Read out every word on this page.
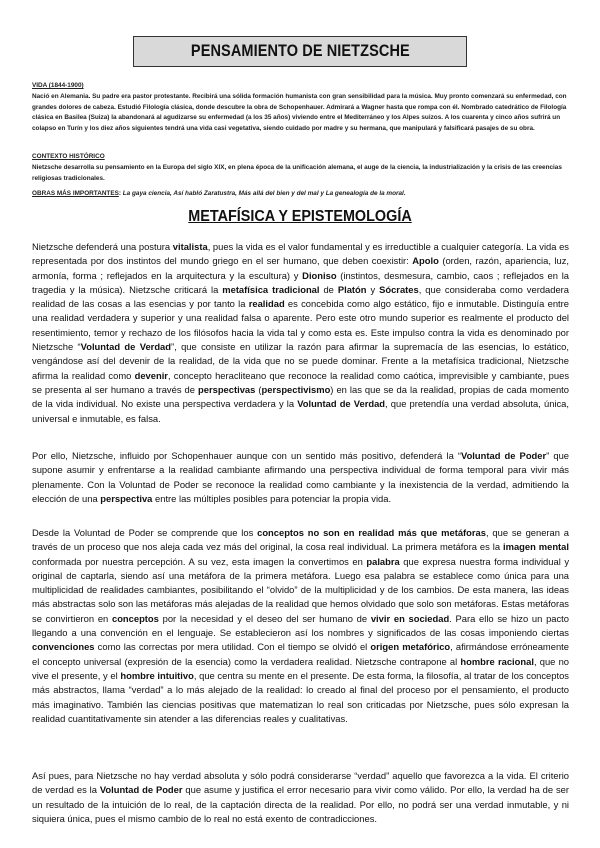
PENSAMIENTO DE NIETZSCHE

VIDA (1844-1900)

Nació en Alemania. Su padre era pastor protestante. Recibirá una sólida formación humanista con gran sensibilidad para la música. Muy pronto comenzará su enfermedad, con grandes dolores de cabeza. Estudió Filología clásica, donde descubre la obra de Schopenhauer. Admirará a Wagner hasta que rompa con él. Nombrado catedrático de Filología clásica en Basilea (Suiza) la abandonará al agudizarse su enfermedad (a los 35 años) viviendo entre el Mediterráneo y los Alpes suizos. A los cuarenta y cinco años sufrirá un colapso en Turín y los diez años siguientes tendrá una vida casi vegetativa, siendo cuidado por madre y su hermana, que manipulará y falsificará pasajes de su obra.

CONTEXTO HISTÓRICO

Nietzsche desarrolla su pensamiento en la Europa del siglo XIX, en plena época de la unificación alemana, el auge de la ciencia, la industrialización y la crisis de las creencias religiosas tradicionales.

OBRAS MÁS IMPORTANTES: La gaya ciencia, Así habló Zaratustra, Más allá del bien y del mal y La genealogía de la moral.

METAFÍSICA Y EPISTEMOLOGÍA

Nietzsche defenderá una postura vitalista, pues la vida es el valor fundamental y es irreductible a cualquier categoría. La vida es representada por dos instintos del mundo griego en el ser humano, que deben coexistir: Apolo (orden, razón, apariencia, luz, armonía, forma ; reflejados en la arquitectura y la escultura) y Dioniso (instintos, desmesura, cambio, caos ; reflejados en la tragedia y la música). Nietzsche criticará la metafísica tradicional de Platón y Sócrates, que consideraba como verdadera realidad de las cosas a las esencias y por tanto la realidad es concebida como algo estático, fijo e inmutable. Distinguía entre una realidad verdadera y superior y una realidad falsa o aparente. Pero este otro mundo superior es realmente el producto del resentimiento, temor y rechazo de los filósofos hacia la vida tal y como esta es. Este impulso contra la vida es denominado por Nietzsche “Voluntad de Verdad”, que consiste en utilizar la razón para afirmar la supremacía de las esencias, lo estático, vengándose así del devenir de la realidad, de la vida que no se puede dominar. Frente a la metafísica tradicional, Nietzsche afirma la realidad como devenir, concepto heracliteano que reconoce la realidad como caótica, imprevisible y cambiante, pues se presenta al ser humano a través de perspectivas (perspectivismo) en las que se da la realidad, propias de cada momento de la vida individual. No existe una perspectiva verdadera y la Voluntad de Verdad, que pretendía una verdad absoluta, única, universal e inmutable, es falsa.

Por ello, Nietzsche, influido por Schopenhauer aunque con un sentido más positivo, defenderá la “Voluntad de Poder” que supone asumir y enfrentarse a la realidad cambiante afirmando una perspectiva individual de forma temporal para vivir más plenamente. Con la Voluntad de Poder se reconoce la realidad como cambiante y la inexistencia de la verdad, admitiendo la elección de una perspectiva entre las múltiples posibles para potenciar la propia vida.

Desde la Voluntad de Poder se comprende que los conceptos no son en realidad más que metáforas, que se generan a través de un proceso que nos aleja cada vez más del original, la cosa real individual. La primera metáfora es la imagen mental conformada por nuestra percepción. A su vez, esta imagen la convertimos en palabra que expresa nuestra forma individual y original de captarla, siendo así una metáfora de la primera metáfora. Luego esa palabra se establece como única para una multiplicidad de realidades cambiantes, posibilitando el “olvido” de la multiplicidad y de los cambios. De esta manera, las ideas más abstractas solo son las metáforas más alejadas de la realidad que hemos olvidado que solo son metáforas. Estas metáforas se convirtieron en conceptos por la necesidad y el deseo del ser humano de vivir en sociedad. Para ello se hizo un pacto llegando a una convención en el lenguaje. Se establecieron así los nombres y significados de las cosas imponiendo ciertas convenciones como las correctas por mera utilidad. Con el tiempo se olvidó el origen metafórico, afirmándose erróneamente el concepto universal (expresión de la esencia) como la verdadera realidad. Nietzsche contrapone al hombre racional, que no vive el presente, y el hombre intuitivo, que centra su mente en el presente. De esta forma, la filosofía, al tratar de los conceptos más abstractos, llama “verdad” a lo más alejado de la realidad: lo creado al final del proceso por el pensamiento, el producto más imaginativo. También las ciencias positivas que matematizan lo real son criticadas por Nietzsche, pues sólo expresan la realidad cuantitativamente sin atender a las diferencias reales y cualitativas.

Así pues, para Nietzsche no hay verdad absoluta y sólo podrá considerarse “verdad” aquello que favorezca a la vida. El criterio de verdad es la Voluntad de Poder que asume y justifica el error necesario para vivir como válido. Por ello, la verdad ha de ser un resultado de la intuición de lo real, de la captación directa de la realidad. Por ello, no podrá ser una verdad inmutable, y ni siquiera única, pues el mismo cambio de lo real no está exento de contradicciones.
